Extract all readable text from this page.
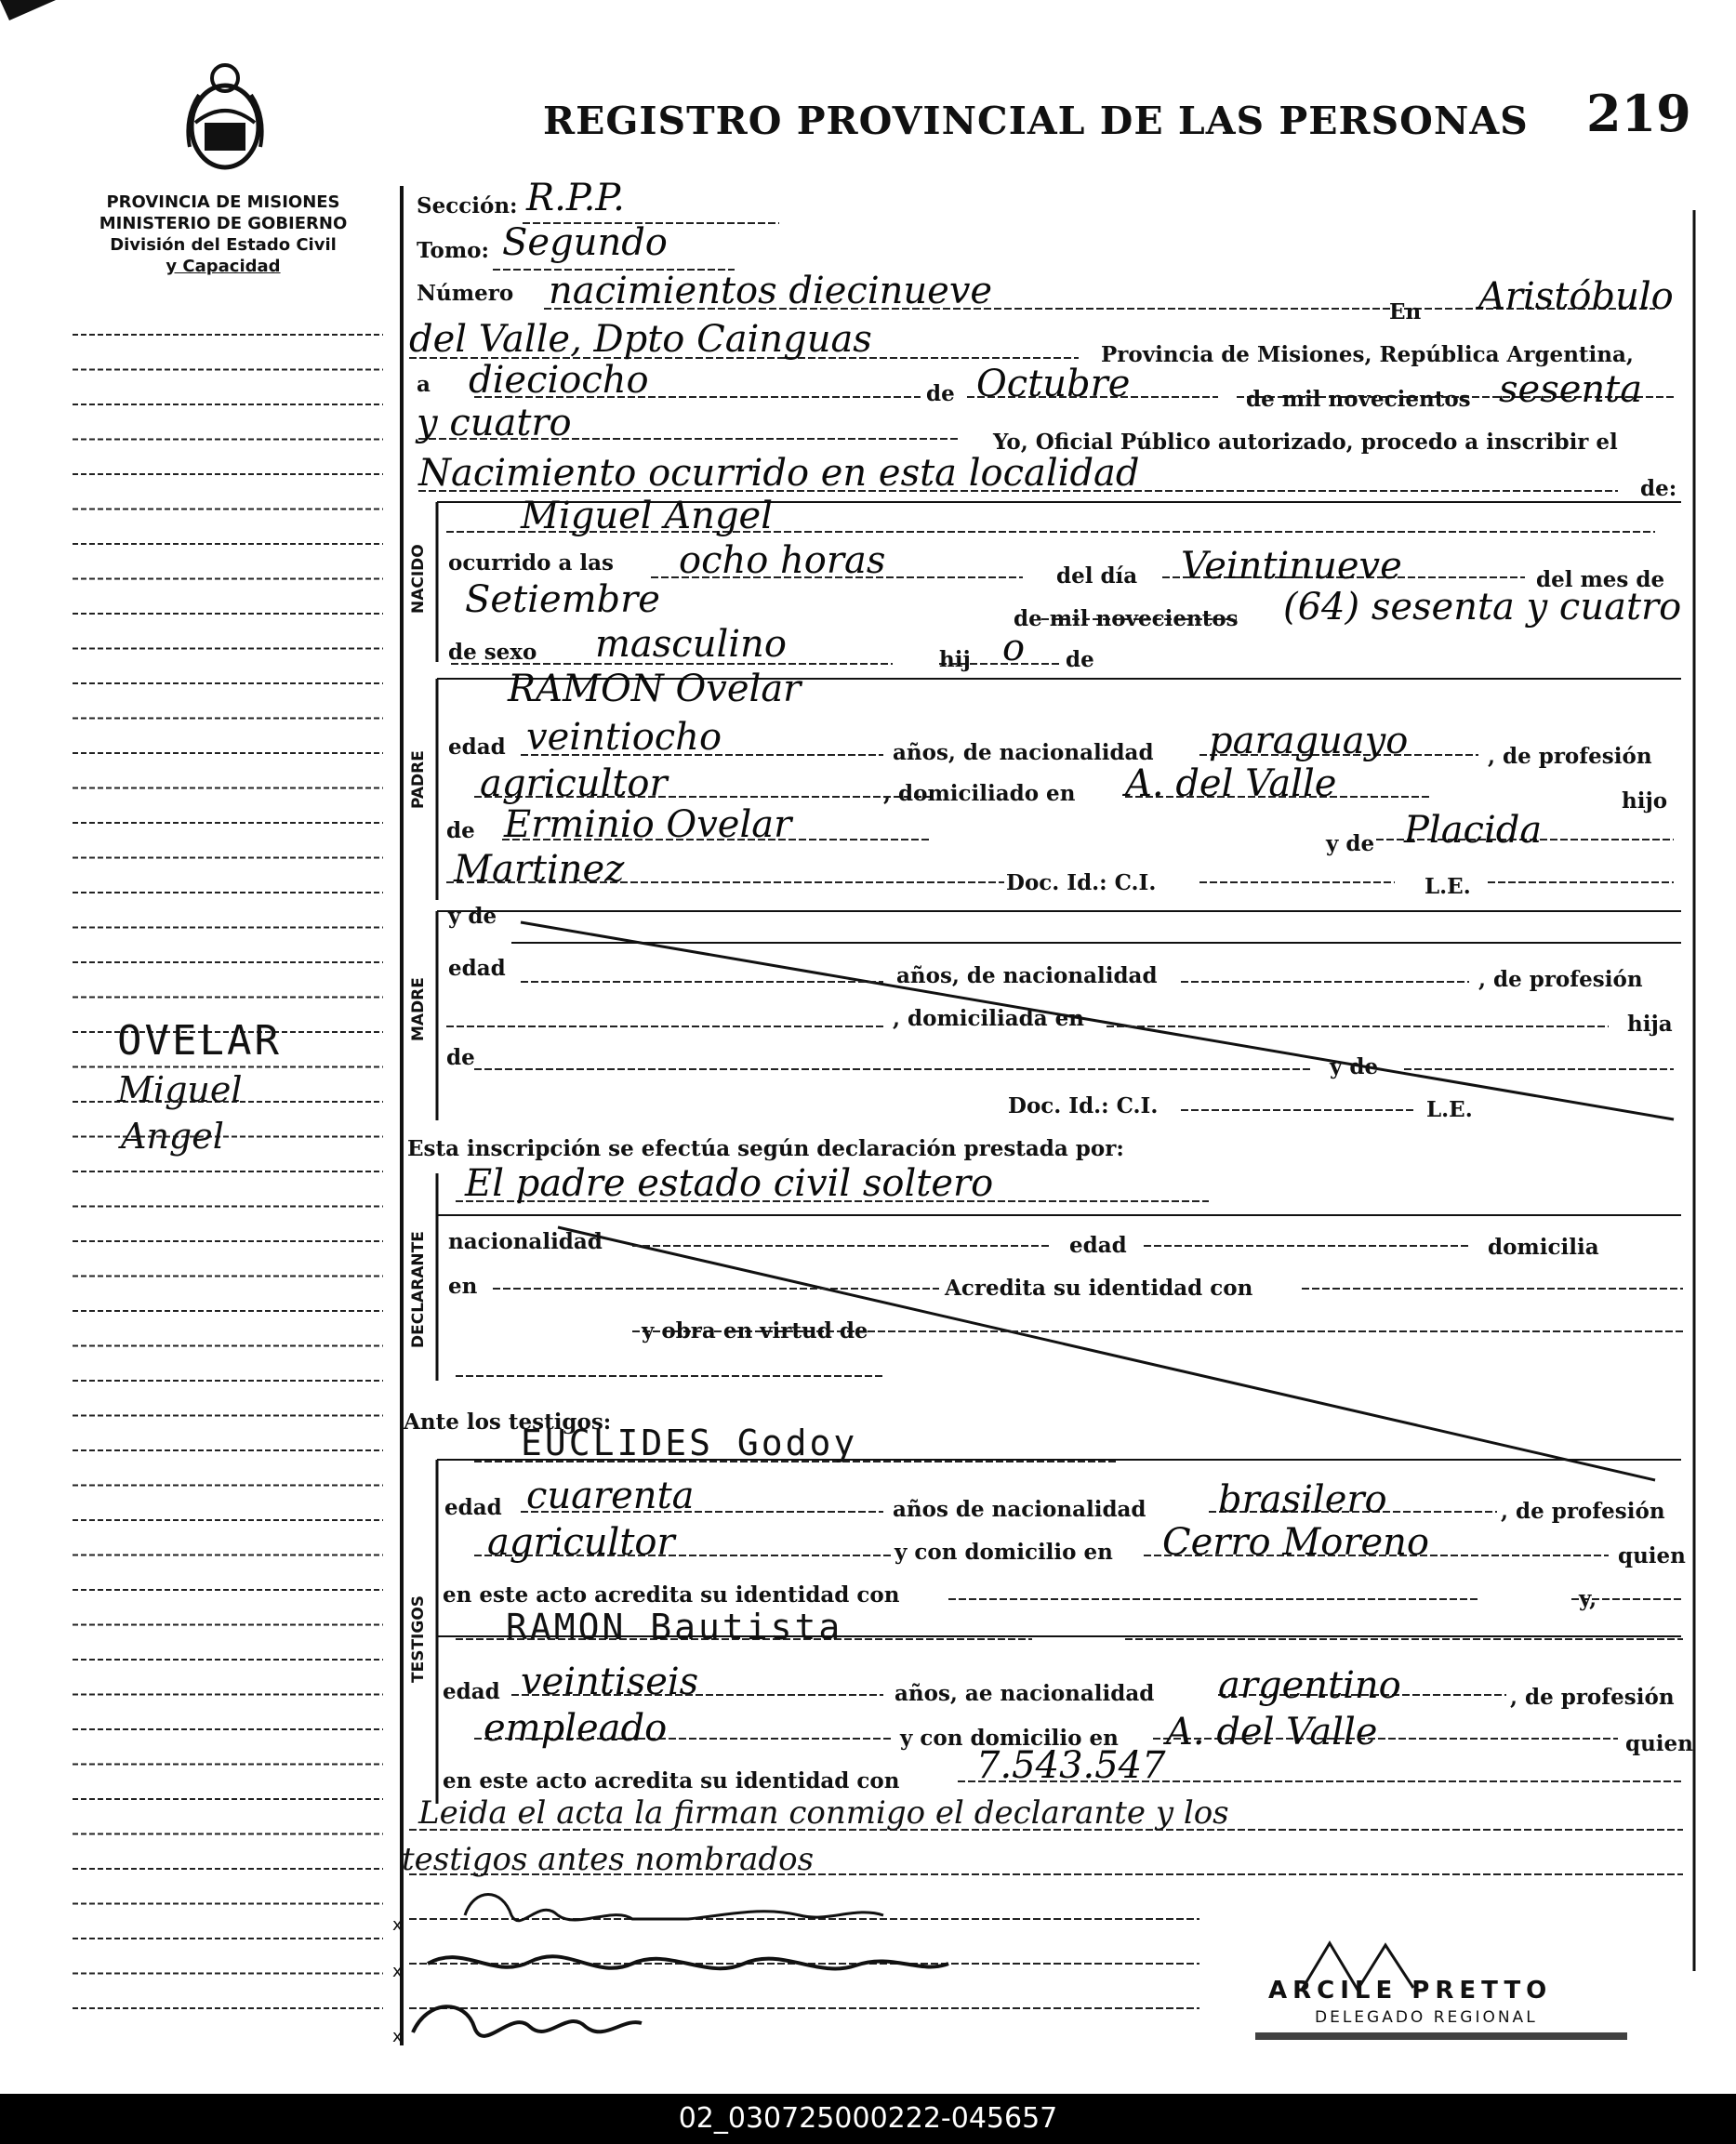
REGISTRO PROVINCIAL DE LAS PERSONAS 219
PROVINCIA DE MISIONES
MINISTERIO DE GOBIERNO
División del Estado Civil
y Capacidad
NACIDO
PADRE
MADRE
DECLARANTE
TESTIGOS
Sección:
Tomo:
Número
En
Provincia de Misiones, República Argentina,
a	de	de mil novecientos
Yo, Oficial Público autorizado, procedo a inscribir el
de:
ocurrido a las
del día	del mes de
de mil novecientos
de sexo	hij	de
edad	años, de nacionalidad	, de profesión
, domiciliado en	hijo
de
y de
Doc. Id.: C.I.	L.E.
y de
edad	años, de nacionalidad	, de profesión
, domiciliada en	hija
de	y de
Doc. Id.: C.I.	L.E.
Esta inscripción se efectúa según declaración prestada por:
nacionalidad	edad	domicilia
en	Acredita su identidad con
y obra en virtud de
Ante los testigos:
edad	años de nacionalidad	, de profesión
y con domicilio en	quien
en este acto acredita su identidad con	y,
edad	años, ae nacionalidad	, de profesión
y con domicilio en	quien
en este acto acredita su identidad con
R.P.P.
Segundo
nacimientos diecinueve	Aristóbulo
del Valle, Dpto Cainguas
dieciocho	Octubre	sesenta
y cuatro
Nacimiento ocurrido en esta localidad
Miguel Angel
ocho horas	Veintinueve
Setiembre	(64) sesenta y cuatro
masculino	o
RAMON Ovelar
veintiocho	paraguayo
agricultor	A. del Valle
Erminio Ovelar	Placida
Martinez
El padre estado civil soltero
EUCLIDES Godoy
cuarenta	brasilero
agricultor	Cerro Moreno
RAMON Bautista
veintiseis	argentino
empleado	A. del Valle
7.543.547
Leida el acta la firman conmigo el declarante y los
testigos antes nombrados
x
x
x
ARCILE PRETTO
DELEGADO REGIONAL
OVELAR
Miguel
Angel
02_030725000222-045657
